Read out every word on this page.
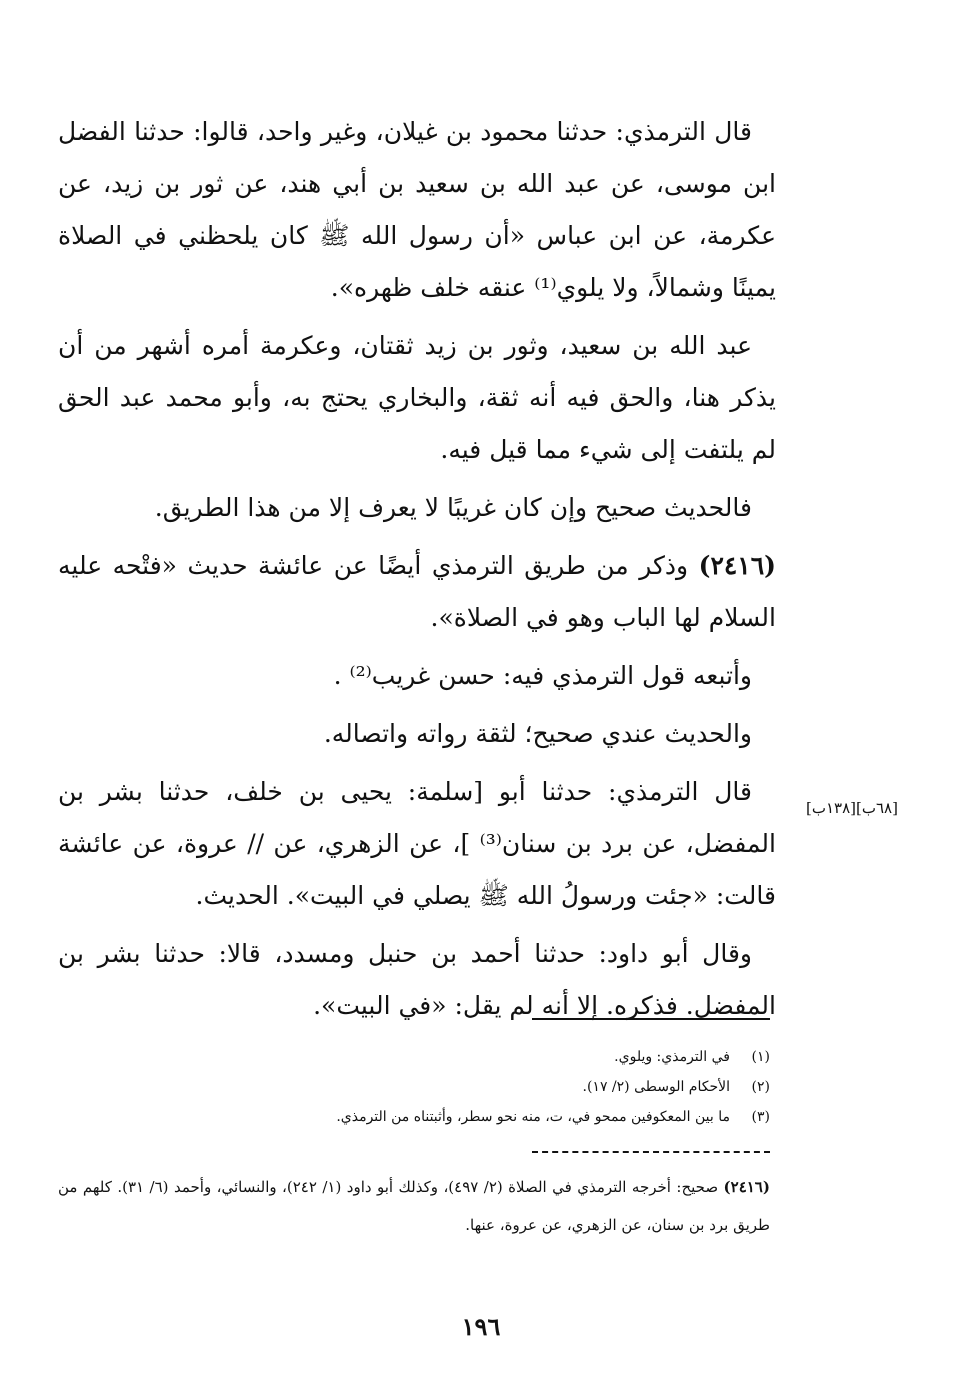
قال الترمذي: حدثنا محمود بن غيلان، وغير واحد، قالوا: حدثنا الفضل ابن موسى، عن عبد الله بن سعيد بن أبي هند، عن ثور بن زيد، عن عكرمة، عن ابن عباس «أن رسول الله ﷺ كان يلحظني في الصلاة يمينًا وشمالاً، ولا يلوي⁽¹⁾ عنقه خلف ظهره».

عبد الله بن سعيد، وثور بن زيد ثقتان، وعكرمة أمره أشهر من أن يذكر هنا، والحق فيه أنه ثقة، والبخاري يحتج به، وأبو محمد عبد الحق لم يلتفت إلى شيء مما قيل فيه.

فالحديث صحيح وإن كان غريبًا لا يعرف إلا من هذا الطريق.

(٢٤١٦) وذكر من طريق الترمذي أيضًا عن عائشة حديث «فتْحه عليه السلام لها الباب وهو في الصلاة».

وأتبعه قول الترمذي فيه: حسن غريب⁽²⁾ .

والحديث عندي صحيح؛ لثقة رواته واتصاله.

قال الترمذي: حدثنا أبو [سلمة: يحيى بن خلف، حدثنا بشر بن المفضل، عن برد بن سنان⁽³⁾ ]، عن الزهري، عن // عروة، عن عائشة قالت: «جئت ورسولُ الله ﷺ يصلي في البيت». الحديث.

وقال أبو داود: حدثنا أحمد بن حنبل ومسدد، قالا: حدثنا بشر بن المفضل. فذكره. إلا أنه لم يقل: «في البيت».

[٦٨ب][١٣٨ب]

(١)في الترمذي: ويلوي.

(٢)الأحكام الوسطى (٢/ ١٧).

(٣)ما بين المعكوفين ممحو في، ت، منه نحو سطر، وأثبتناه من الترمذي.

(٢٤١٦) صحيح: أخرجه الترمذي في الصلاة (٢/ ٤٩٧)، وكذلك أبو داود (١/ ٢٤٢)، والنسائي، وأحمد (٦/ ٣١). كلهم من طريق برد بن سنان، عن الزهري، عن عروة، عنها.
١٩٦
